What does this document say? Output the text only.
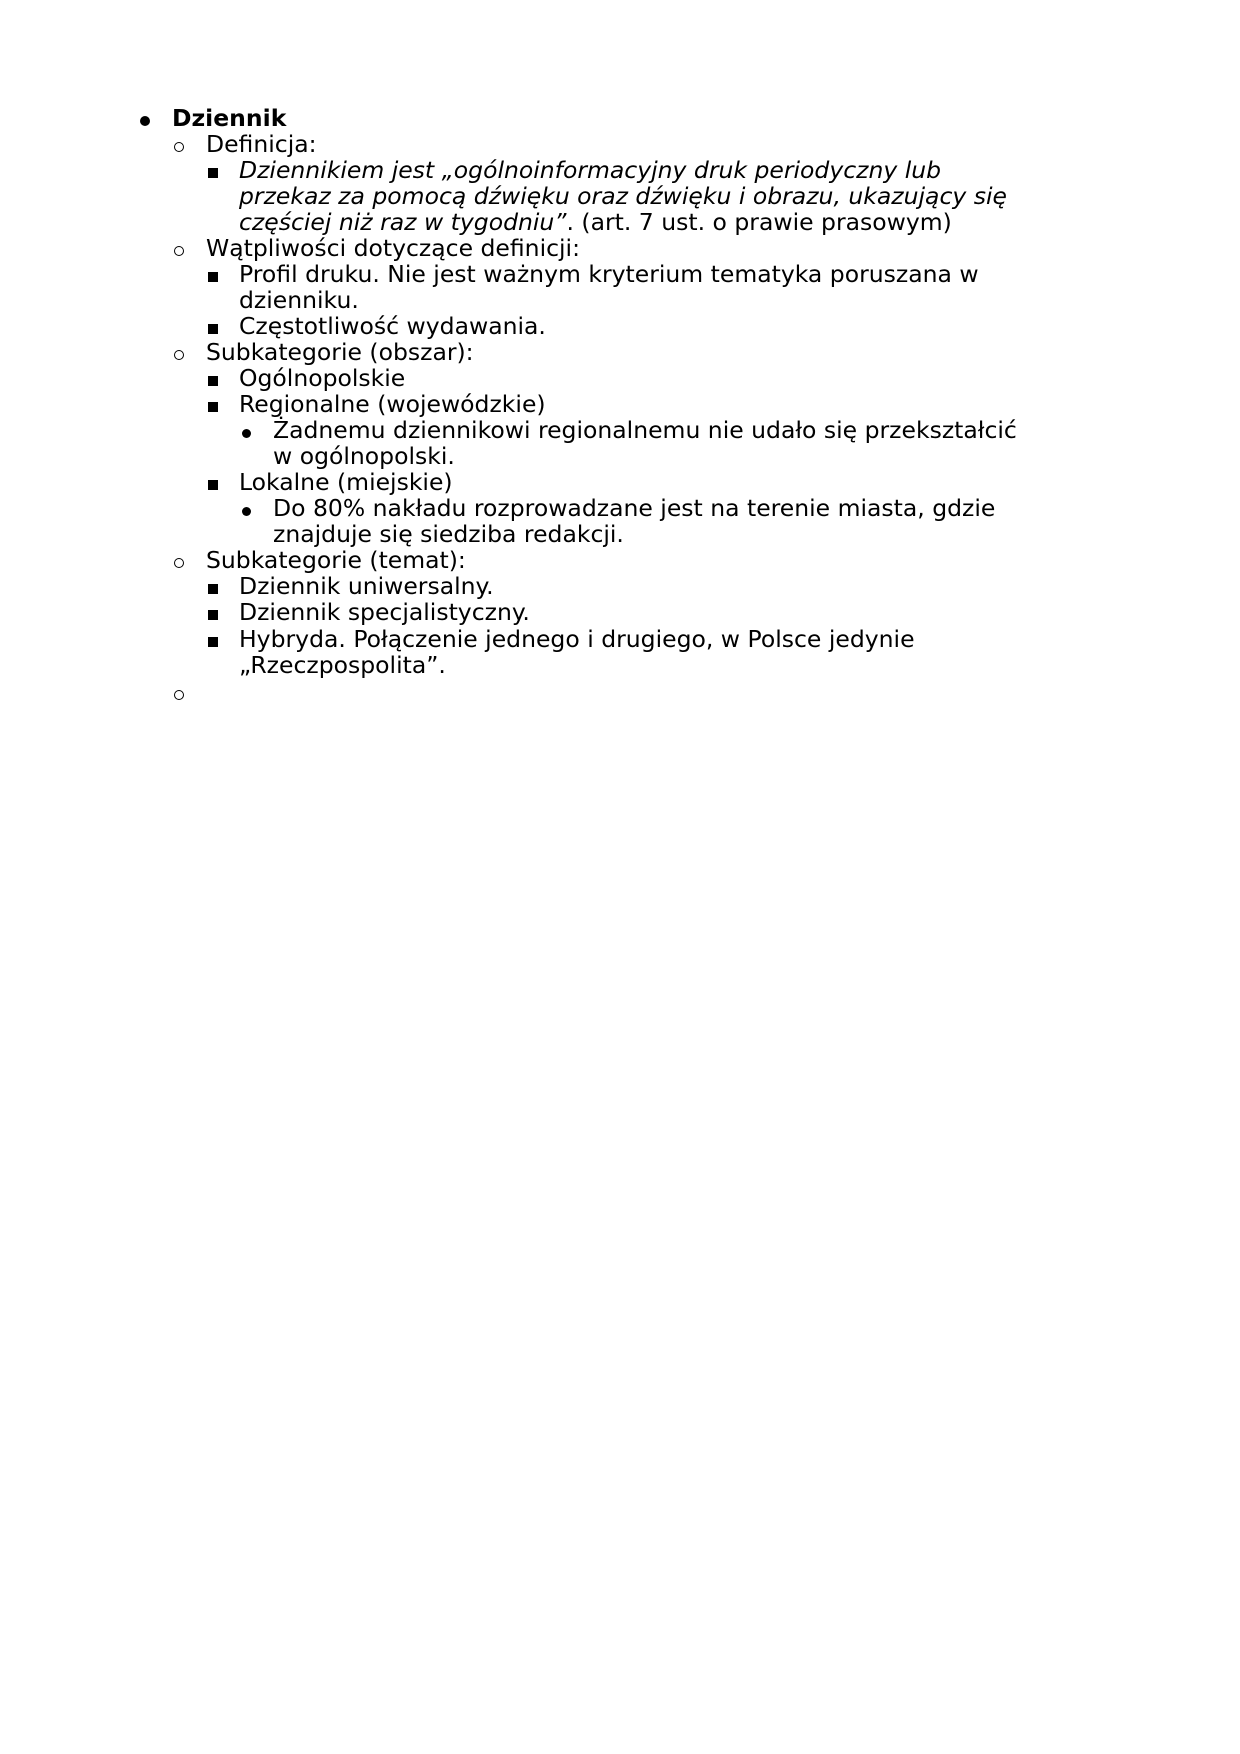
Dziennik
Definicja:
Dziennikiem jest „ogólnoinformacyjny druk periodyczny lub
przekaz za pomocą dźwięku oraz dźwięku i obrazu, ukazujący się
częściej niż raz w tygodniu”. (art. 7 ust. o prawie prasowym)
Wątpliwości dotyczące definicji:
Profil druku. Nie jest ważnym kryterium tematyka poruszana w
dzienniku.
Częstotliwość wydawania.
Subkategorie (obszar):
Ogólnopolskie
Regionalne (wojewódzkie)
Żadnemu dziennikowi regionalnemu nie udało się przekształcić
w ogólnopolski.
Lokalne (miejskie)
Do 80% nakładu rozprowadzane jest na terenie miasta, gdzie
znajduje się siedziba redakcji.
Subkategorie (temat):
Dziennik uniwersalny.
Dziennik specjalistyczny.
Hybryda. Połączenie jednego i drugiego, w Polsce jedynie
„Rzeczpospolita”.
